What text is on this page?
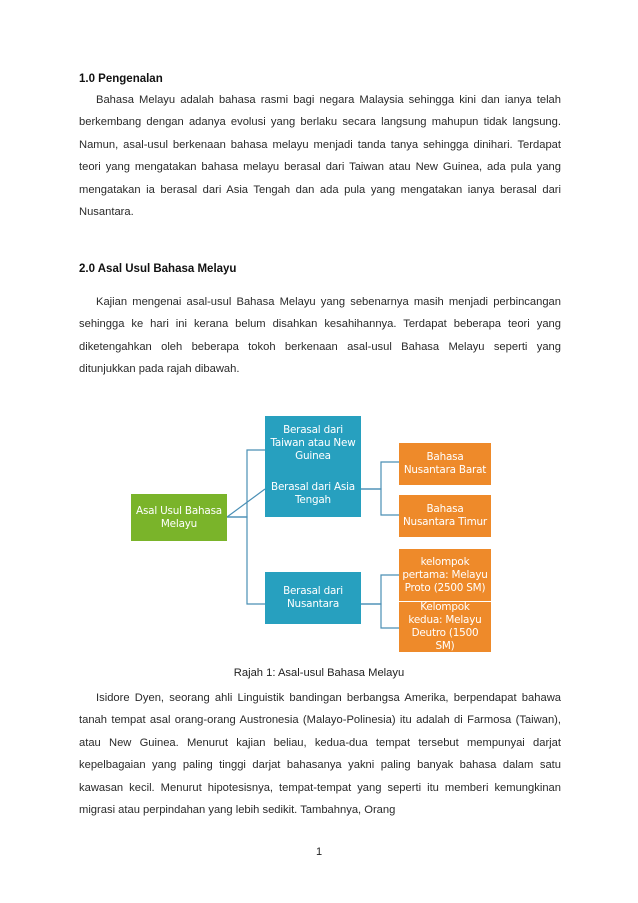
1.0 Pengenalan

Bahasa Melayu adalah bahasa rasmi bagi negara Malaysia sehingga kini dan ianya telah berkembang dengan adanya evolusi yang berlaku secara langsung mahupun tidak langsung. Namun, asal-usul berkenaan bahasa melayu menjadi tanda tanya sehingga dinihari. Terdapat teori yang mengatakan bahasa melayu berasal dari Taiwan atau New Guinea, ada pula yang mengatakan ia berasal dari Asia Tengah dan ada pula yang mengatakan ianya berasal dari Nusantara.

2.0 Asal Usul Bahasa Melayu

Kajian mengenai asal-usul Bahasa Melayu yang sebenarnya masih menjadi perbincangan sehingga ke hari ini kerana belum disahkan kesahihannya. Terdapat beberapa teori yang diketengahkan oleh beberapa tokoh berkenaan asal-usul Bahasa Melayu seperti yang ditunjukkan pada rajah dibawah.

Asal Usul Bahasa Melayu
Berasal dari Taiwan atau New Guinea
Berasal dari Asia Tengah
Berasal dari Nusantara
Bahasa Nusantara Barat
Bahasa Nusantara Timur
kelompok pertama: Melayu Proto (2500 SM)
Kelompok kedua: Melayu Deutro (1500 SM)
Rajah 1: Asal-usul Bahasa Melayu

Isidore Dyen, seorang ahli Linguistik bandingan berbangsa Amerika, berpendapat bahawa tanah tempat asal orang-orang Austronesia (Malayo-Polinesia) itu adalah di Farmosa (Taiwan), atau New Guinea. Menurut kajian beliau, kedua-dua tempat tersebut mempunyai darjat kepelbagaian yang paling tinggi darjat bahasanya yakni paling banyak bahasa dalam satu kawasan kecil. Menurut hipotesisnya, tempat-tempat yang seperti itu memberi kemungkinan migrasi atau perpindahan yang lebih sedikit. Tambahnya, Orang

1
